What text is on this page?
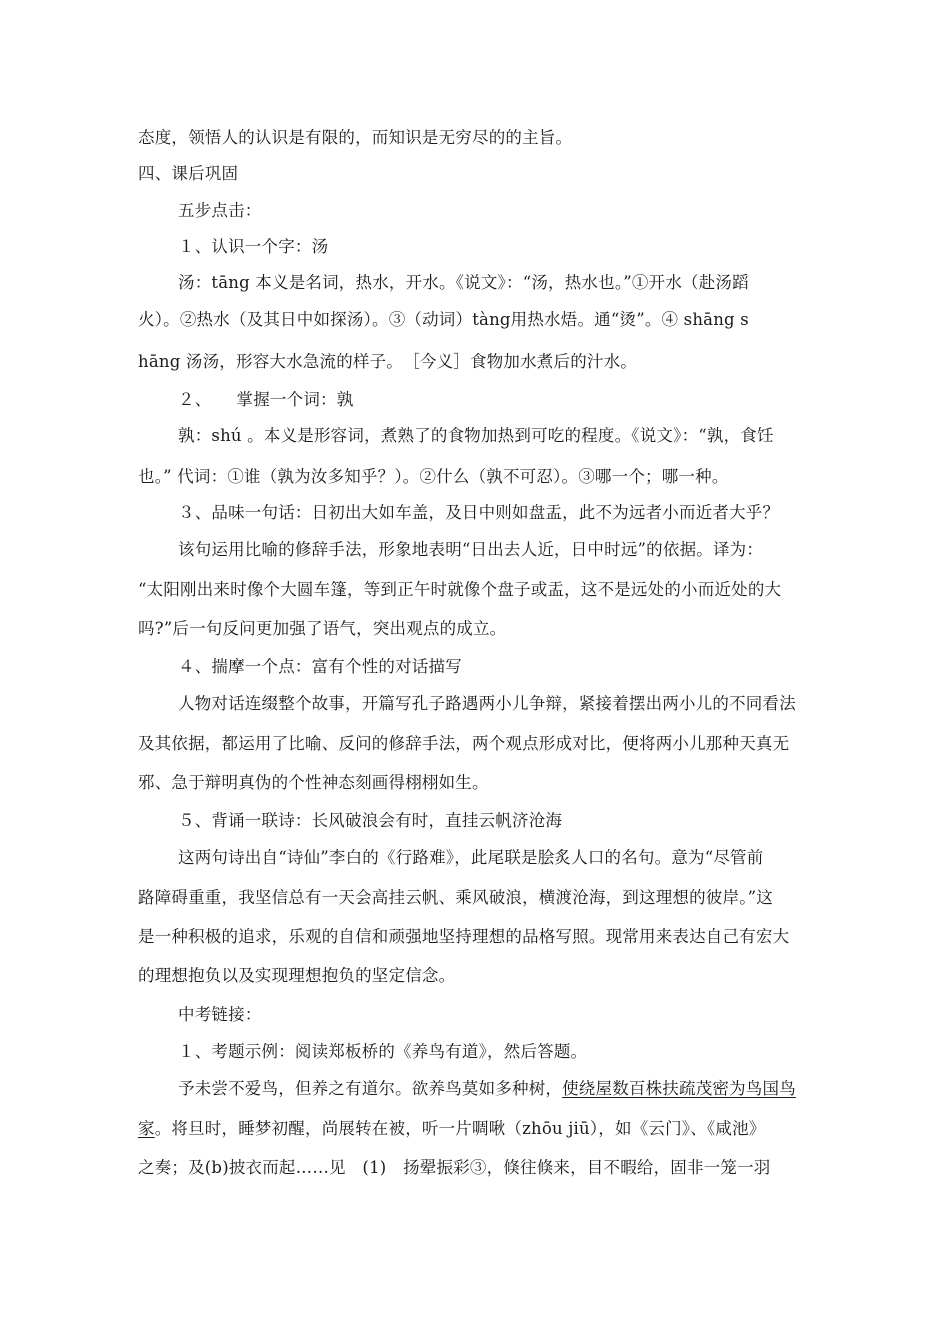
态度，领悟人的认识是有限的，而知识是无穷尽的的主旨。
四、课后巩固
五步点击：
１、认识一个字：汤
汤：tāng 本义是名词，热水，开水。《说文》：“汤，热水也。”①开水（赴汤蹈
火）。②热水（及其日中如探汤）。③（动词）tàng用热水焐。通“烫”。④ shāng s
hāng 汤汤，形容大水急流的样子。　［今义］食物加水煮后的汁水。
２、　　掌握一个词：孰
孰：shú 。本义是形容词，煮熟了的食物加热到可吃的程度。《说文》：“孰，食饪
也。” 代词：①谁（孰为汝多知乎？）。②什么（孰不可忍）。③哪一个；哪一种。
３、品味一句话：日初出大如车盖，及日中则如盘盂，此不为远者小而近者大乎？
该句运用比喻的修辞手法，形象地表明“日出去人近，日中时远”的依据。译为：
“太阳刚出来时像个大圆车篷，等到正午时就像个盘子或盂，这不是远处的小而近处的大
吗?”后一句反问更加强了语气，突出观点的成立。
４、揣摩一个点：富有个性的对话描写
人物对话连缀整个故事，开篇写孔子路遇两小儿争辩，紧接着摆出两小儿的不同看法
及其依据，都运用了比喻、反问的修辞手法，两个观点形成对比，便将两小儿那种天真无
邪、急于辩明真伪的个性神态刻画得栩栩如生。
５、背诵一联诗：长风破浪会有时，直挂云帆济沧海
这两句诗出自“诗仙”李白的《行路难》，此尾联是脍炙人口的名句。意为“尽管前
路障碍重重，我坚信总有一天会高挂云帆、乘风破浪，横渡沧海，到这理想的彼岸。”这
是一种积极的追求，乐观的自信和顽强地坚持理想的品格写照。现常用来表达自己有宏大
的理想抱负以及实现理想抱负的坚定信念。
中考链接：
１、考题示例：阅读郑板桥的《养鸟有道》，然后答题。
予未尝不爱鸟，但养之有道尔。欲养鸟莫如多种树，使绕屋数百株扶疏茂密为鸟国鸟
家。将旦时，睡梦初醒，尚展转在被，听一片啁啾（zhōu jiū），如《云门》、《咸池》
之奏；及(b)披衣而起……见　(1)　扬翚振彩③，倏往倏来，目不暇给，固非一笼一羽
